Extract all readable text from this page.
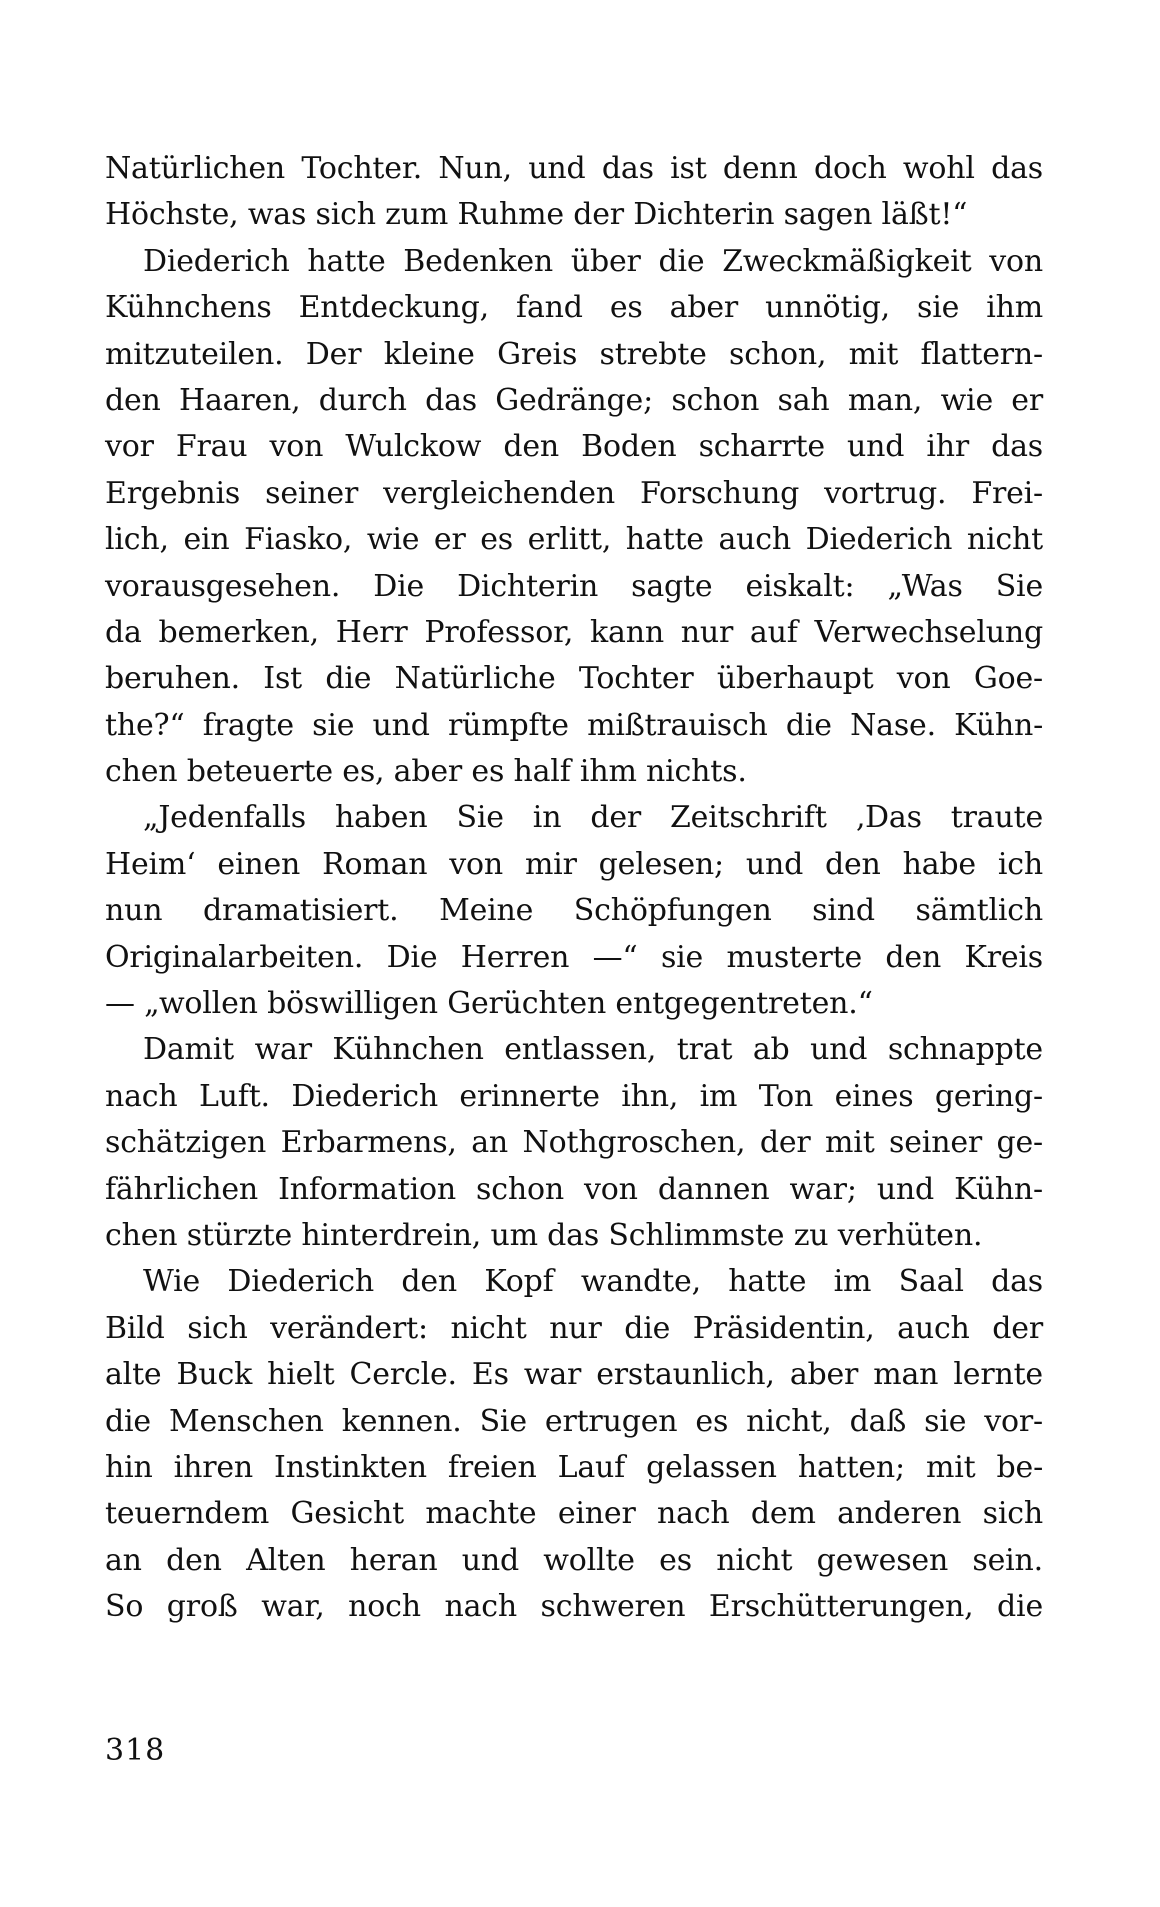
Natürlichen Tochter. Nun, und das ist denn doch wohl das
Höchste, was sich zum Ruhme der Dichterin sagen läßt!“
Diederich hatte Bedenken über die Zweckmäßigkeit von
Kühnchens Entdeckung, fand es aber unnötig, sie ihm
mitzuteilen. Der kleine Greis strebte schon, mit flattern-
den Haaren, durch das Gedränge; schon sah man, wie er
vor Frau von Wulckow den Boden scharrte und ihr das
Ergebnis seiner vergleichenden Forschung vortrug. Frei-
lich, ein Fiasko, wie er es erlitt, hatte auch Diederich nicht
vorausgesehen. Die Dichterin sagte eiskalt: „Was Sie
da bemerken, Herr Professor, kann nur auf Verwechselung
beruhen. Ist die Natürliche Tochter überhaupt von Goe-
the?“ fragte sie und rümpfte mißtrauisch die Nase. Kühn-
chen beteuerte es, aber es half ihm nichts.
„Jedenfalls haben Sie in der Zeitschrift ‚Das traute
Heim‘ einen Roman von mir gelesen; und den habe ich
nun dramatisiert. Meine Schöpfungen sind sämtlich
Originalarbeiten. Die Herren —“ sie musterte den Kreis
— „wollen böswilligen Gerüchten entgegentreten.“
Damit war Kühnchen entlassen, trat ab und schnappte
nach Luft. Diederich erinnerte ihn, im Ton eines gering-
schätzigen Erbarmens, an Nothgroschen, der mit seiner ge-
fährlichen Information schon von dannen war; und Kühn-
chen stürzte hinterdrein, um das Schlimmste zu verhüten.
Wie Diederich den Kopf wandte, hatte im Saal das
Bild sich verändert: nicht nur die Präsidentin, auch der
alte Buck hielt Cercle. Es war erstaunlich, aber man lernte
die Menschen kennen. Sie ertrugen es nicht, daß sie vor-
hin ihren Instinkten freien Lauf gelassen hatten; mit be-
teuerndem Gesicht machte einer nach dem anderen sich
an den Alten heran und wollte es nicht gewesen sein.
So groß war, noch nach schweren Erschütterungen, die
318
